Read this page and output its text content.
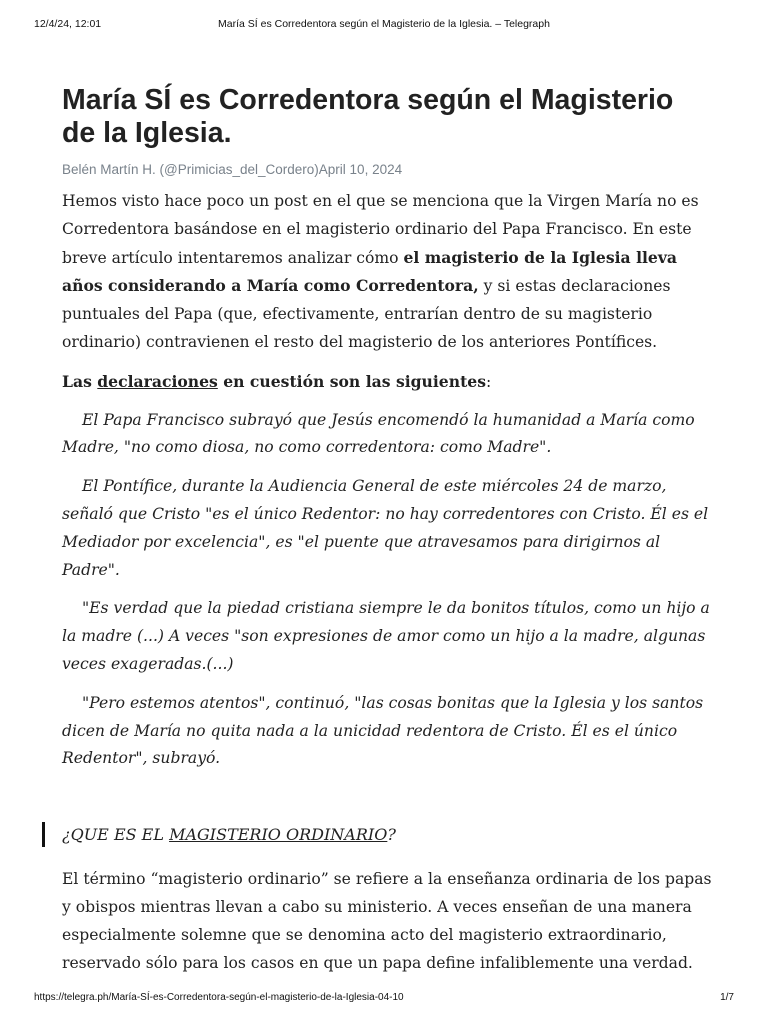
12/4/24, 12:01	María SÍ es Corredentora según el Magisterio de la Iglesia. – Telegraph
María SÍ es Corredentora según el Magisterio de la Iglesia.
Belén Martín H. (@Primicias_del_Cordero)April 10, 2024

Hemos visto hace poco un post en el que se menciona que la Virgen María no es Corredentora basándose en el magisterio ordinario del Papa Francisco. En este breve artículo intentaremos analizar cómo el magisterio de la Iglesia lleva años considerando a María como Corredentora, y si estas declaraciones puntuales del Papa (que, efectivamente, entrarían dentro de su magisterio ordinario) contravienen el resto del magisterio de los anteriores Pontífices.

Las declaraciones en cuestión son las siguientes:

El Papa Francisco subrayó que Jesús encomendó la humanidad a María como Madre, "no como diosa, no como corredentora: como Madre".

El Pontífice, durante la Audiencia General de este miércoles 24 de marzo, señaló que Cristo "es el único Redentor: no hay corredentores con Cristo. Él es el Mediador por excelencia", es "el puente que atravesamos para dirigirnos al Padre".

"Es verdad que la piedad cristiana siempre le da bonitos títulos, como un hijo a la madre (...) A veces "son expresiones de amor como un hijo a la madre, algunas veces exageradas.(...)

"Pero estemos atentos", continuó, "las cosas bonitas que la Iglesia y los santos dicen de María no quita nada a la unicidad redentora de Cristo. Él es el único Redentor", subrayó.

¿QUE ES EL MAGISTERIO ORDINARIO?

El término “magisterio ordinario” se refiere a la enseñanza ordinaria de los papas y obispos mientras llevan a cabo su ministerio. A veces enseñan de una manera especialmente solemne que se denomina acto del magisterio extraordinario, reservado sólo para los casos en que un papa define infaliblemente una verdad.

https://telegra.ph/María-SÍ-es-Corredentora-según-el-magisterio-de-la-Iglesia-04-10	1/7
